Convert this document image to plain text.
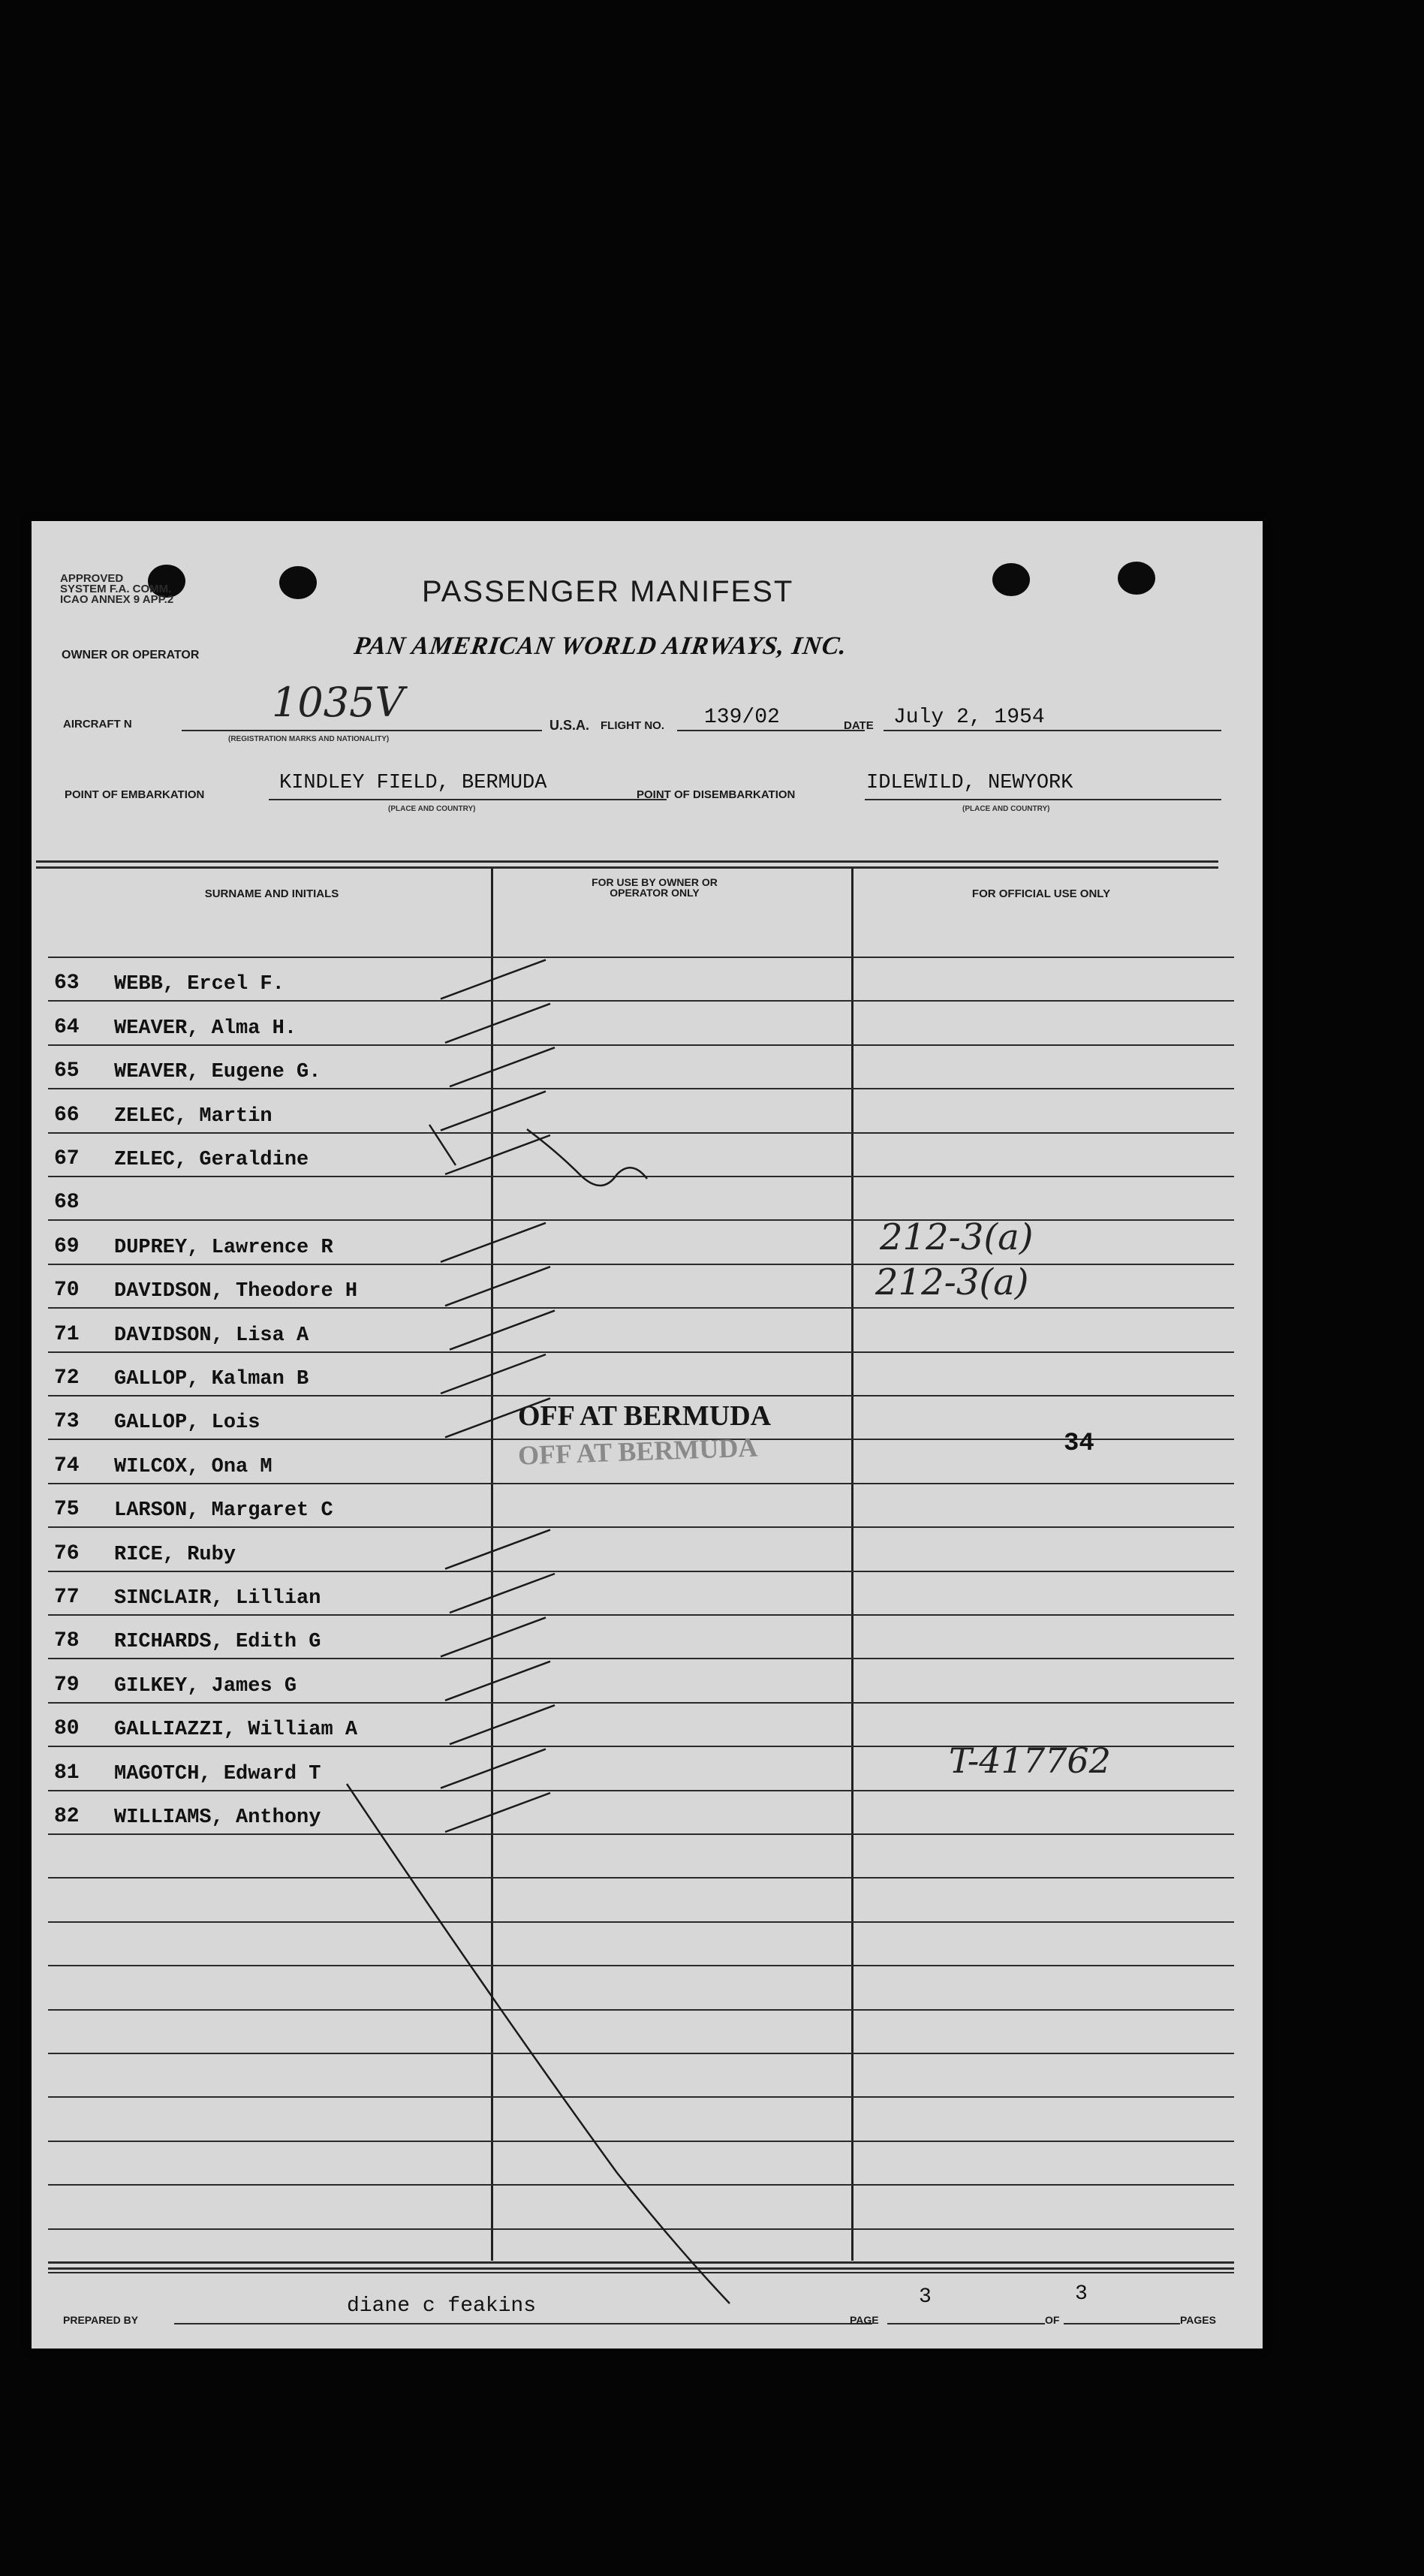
APPROVED
SYSTEM F.A. COMM.
ICAO ANNEX 9 APP.2
OWNER OR OPERATOR
PASSENGER MANIFEST
PAN AMERICAN WORLD AIRWAYS, INC.
AIRCRAFT N	1035V
(REGISTRATION MARKS AND NATIONALITY)
U.S.A. FLIGHT NO. 139/02	DATE July 2, 1954
POINT OF EMBARKATION
KINDLEY FIELD, BERMUDA
(PLACE AND COUNTRY)
POINT OF DISEMBARKATION
IDLEWILD, NEWYORK
(PLACE AND COUNTRY)
SURNAME AND INITIALS
FOR USE BY OWNER OR OPERATOR ONLY	FOR OFFICIAL USE ONLY
63 WEBB, Ercel F.
64 WEAVER, Alma H.
65 WEAVER, Eugene G.
66 ZELEC, Martin
67 ZELEC, Geraldine
68
69 DUPREY, Lawrence R
70 DAVIDSON, Theodore H
71 DAVIDSON, Lisa A
72 GALLOP, Kalman B
73 GALLOP, Lois
74 WILCOX, Ona M
75 LARSON, Margaret C
76 RICE, Ruby
77 SINCLAIR, Lillian
78 RICHARDS, Edith G
79 GILKEY, James G
80 GALLIAZZI, William A
81 MAGOTCH, Edward T
82 WILLIAMS, Anthony
OFF AT BERMUDA
OFF AT BERMUDA
212-3(a)
212-3(a)
34
T-417762
PREPARED BY
diane c feakins
PAGE
3
OF
3
PAGES
